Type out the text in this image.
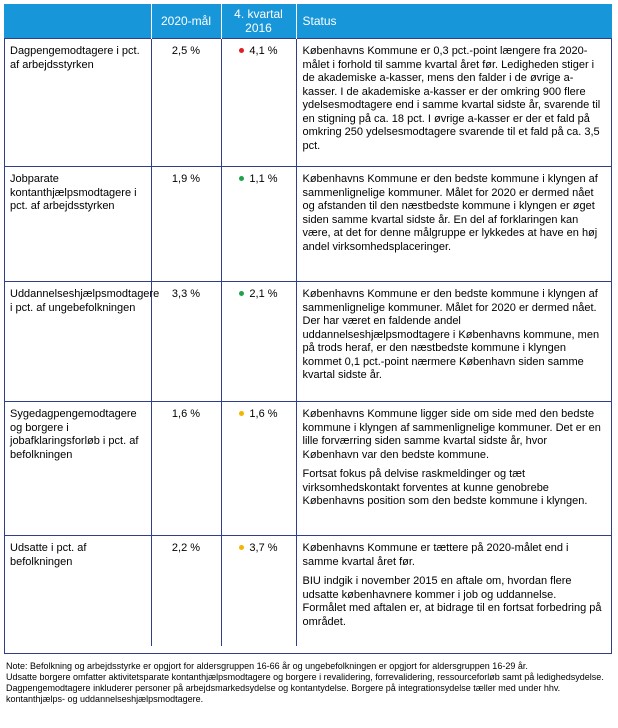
	2020-mål	4. kvartal
2016	Status
Dagpengemodtagere i pct. af arbejdsstyrken	2,5 %	4,1 %	Københavns Kommune er 0,3 pct.-point længere fra 2020-målet i forhold til samme kvartal året før. Ledigheden stiger i de akademiske a-kasser, mens den falder i de øvrige a-kasser. I de akademiske a-kasser er der omkring 900 flere ydelsesmodtagere end i samme kvartal sidste år, svarende til en stigning på ca. 18 pct. I øvrige a-kasser er der et fald på omkring 250 ydelsesmodtagere svarende til et fald på ca. 3,5 pct.

Jobparate kontanthjælpsmodtagere i pct. af arbejdsstyrken	1,9 %	1,1 %	Københavns Kommune er den bedste kommune i klyngen af sammenlignelige kommuner. Målet for 2020 er dermed nået og afstanden til den næstbedste kommune i klyngen er øget siden samme kvartal sidste år. En del af forklaringen kan være, at det for denne målgruppe er lykkedes at have en høj andel virksomhedsplaceringer.

Uddannelseshjælpsmodtagere i pct. af ungebefolkningen	3,3 %	2,1 %	Københavns Kommune er den bedste kommune i klyngen af sammenlignelige kommuner. Målet for 2020 er dermed nået. Der har været en faldende andel uddannelseshjælpsmodtagere i Københavns kommune, men på trods heraf, er den næstbedste kommune i klyngen kommet 0,1 pct.-point nærmere København siden samme kvartal sidste år.

Sygedagpengemodtagere og borgere i jobafklaringsforløb i pct. af befolkningen	1,6 %	1,6 %	Københavns Kommune ligger side om side med den bedste kommune i klyngen af sammenlignelige kommuner. Det er en lille forværring siden samme kvartal sidste år, hvor København var den bedste kommune.

Fortsat fokus på delvise raskmeldinger og tæt virksomhedskontakt forventes at kunne genobrebe Københavns position som den bedste kommune i klyngen.

Udsatte i pct. af befolkningen	2,2 %	3,7 %	Københavns Kommune er tættere på 2020-målet end i samme kvartal året før.

BIU indgik i november 2015 en aftale om, hvordan flere udsatte københavnere kommer i job og uddannelse. Formålet med aftalen er, at bidrage til en fortsat forbedring på området.

Note: Befolkning og arbejdsstyrke er opgjort for aldersgruppen 16-66 år og ungebefolkningen er opgjort for aldersgruppen 16-29 år.

Udsatte borgere omfatter aktivitetsparate kontanthjælpsmodtagere og borgere i revalidering, forrevalidering, ressourceforløb samt på ledighedsydelse. Dagpengemodtagere inkluderer personer på arbejdsmarkedsydelse og kontantydelse. Borgere på integrationsydelse tæller med under hhv. kontanthjælps- og uddannelseshjælpsmodtagere.
